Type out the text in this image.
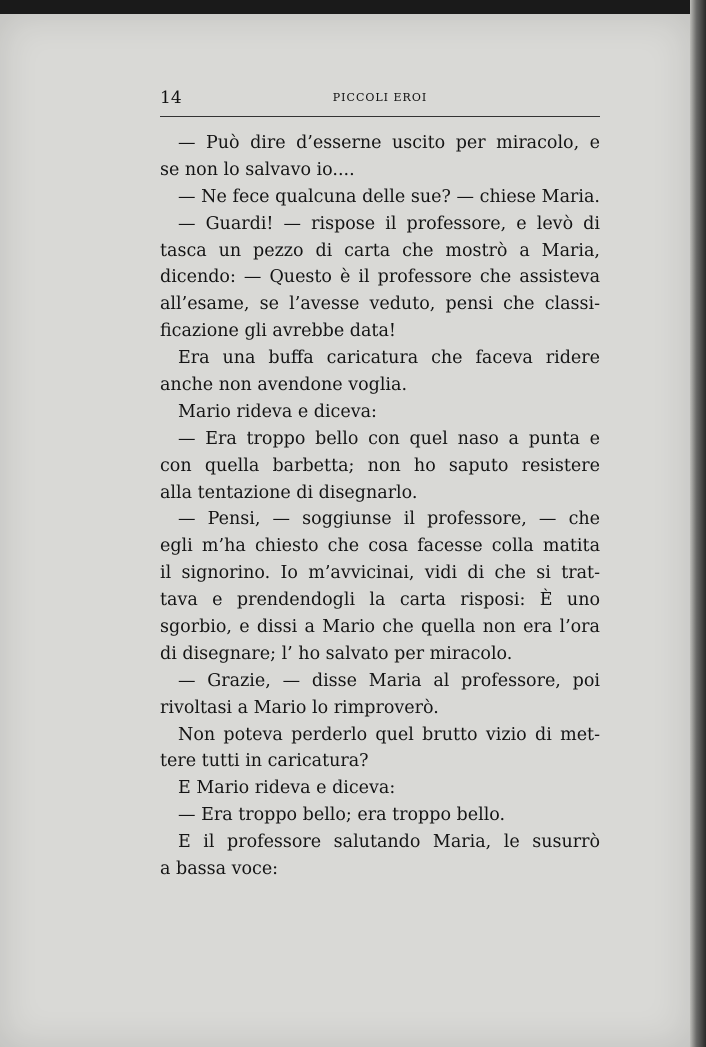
14	PICCOLI EROI
— Può dire d’esserne uscito per miracolo, e
se non lo salvavo io....
— Ne fece qualcuna delle sue? — chiese Maria.
— Guardi! — rispose il professore, e levò di
tasca un pezzo di carta che mostrò a Maria,
dicendo: — Questo è il professore che assisteva
all’esame, se l’avesse veduto, pensi che classi-
ficazione gli avrebbe data!
Era una buffa caricatura che faceva ridere
anche non avendone voglia.
Mario rideva e diceva:
— Era troppo bello con quel naso a punta e
con quella barbetta; non ho saputo resistere
alla tentazione di disegnarlo.
— Pensi, — soggiunse il professore, — che
egli m’ha chiesto che cosa facesse colla matita
il signorino. Io m’avvicinai, vidi di che si trat-
tava e prendendogli la carta risposi: È uno
sgorbio, e dissi a Mario che quella non era l’ora
di disegnare; l’ ho salvato per miracolo.
— Grazie, — disse Maria al professore, poi
rivoltasi a Mario lo rimproverò.
Non poteva perderlo quel brutto vizio di met-
tere tutti in caricatura?
E Mario rideva e diceva:
— Era troppo bello; era troppo bello.
E il professore salutando Maria, le susurrò
a bassa voce:
